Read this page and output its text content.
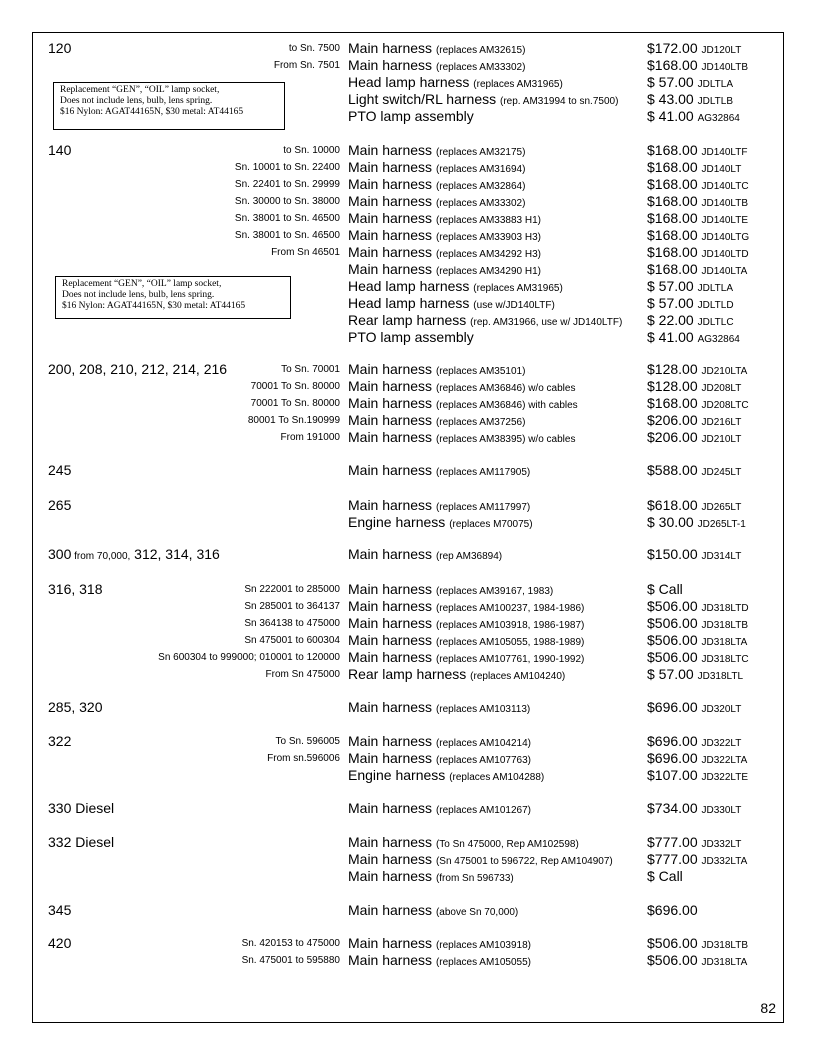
120	to Sn. 7500 Main harness (replaces AM32615)	$172.00 JD120LT
From Sn. 7501 Main harness (replaces AM33302)	$168.00 JD140LTB
Head lamp harness (replaces AM31965)	$ 57.00 JDLTLA
Light switch/RL harness (rep. AM31994 to sn.7500) $ 43.00 JDLTLB
PTO lamp assembly	$ 41.00 AG32864
140	to Sn. 10000 Main harness (replaces AM32175)	$168.00 JD140LTF
Sn. 10001 to Sn. 22400 Main harness (replaces AM31694)	$168.00 JD140LT
Sn. 22401 to Sn. 29999 Main harness (replaces AM32864)	$168.00 JD140LTC
Sn. 30000 to Sn. 38000 Main harness (replaces AM33302)	$168.00 JD140LTB
Sn. 38001 to Sn. 46500 Main harness (replaces AM33883 H1)	$168.00 JD140LTE
Sn. 38001 to Sn. 46500 Main harness (replaces AM33903 H3)	$168.00 JD140LTG
From Sn 46501 Main harness (replaces AM34292 H3)	$168.00 JD140LTD
Main harness (replaces AM34290 H1)	$168.00 JD140LTA
Head lamp harness (replaces AM31965)	$ 57.00 JDLTLA
Head lamp harness (use w/JD140LTF)	$ 57.00 JDLTLD
Rear lamp harness (rep. AM31966, use w/ JD140LTF) $ 22.00 JDLTLC
PTO lamp assembly	$ 41.00 AG32864
200, 208, 210, 212, 214, 216	To Sn. 70001 Main harness (replaces AM35101)	$128.00 JD210LTA
70001 To Sn. 80000 Main harness (replaces AM36846) w/o cables	$128.00 JD208LT
70001 To Sn. 80000 Main harness (replaces AM36846) with cables	$168.00 JD208LTC
80001 To Sn.190999 Main harness (replaces AM37256)	$206.00 JD216LT
From 191000 Main harness (replaces AM38395) w/o cables	$206.00 JD210LT
245	Main harness (replaces AM117905)	$588.00 JD245LT
265	Main harness (replaces AM117997)	$618.00 JD265LT
Engine harness (replaces M70075)	$ 30.00 JD265LT-1
300 from 70,000, 312, 314, 316	Main harness (rep AM36894)	$150.00 JD314LT
316, 318	Sn 222001 to 285000 Main harness (replaces AM39167, 1983)	$ Call
Sn 285001 to 364137 Main harness (replaces AM100237, 1984-1986)	$506.00 JD318LTD
Sn 364138 to 475000 Main harness (replaces AM103918, 1986-1987)	$506.00 JD318LTB
Sn 475001 to 600304 Main harness (replaces AM105055, 1988-1989)	$506.00 JD318LTA
Sn 600304 to 999000; 010001 to 120000 Main harness (replaces AM107761, 1990-1992)	$506.00 JD318LTC
From Sn 475000 Rear lamp harness (replaces AM104240)	$ 57.00 JD318LTL
285, 320	Main harness (replaces AM103113)	$696.00 JD320LT
322	To Sn. 596005 Main harness (replaces AM104214)	$696.00 JD322LT
From sn.596006 Main harness (replaces AM107763)	$696.00 JD322LTA
Engine harness (replaces AM104288)	$107.00 JD322LTE
330 Diesel	Main harness (replaces AM101267)	$734.00 JD330LT
332 Diesel	Main harness (To Sn 475000, Rep AM102598)	$777.00 JD332LT
Main harness (Sn 475001 to 596722, Rep AM104907) $777.00 JD332LTA
Main harness (from Sn 596733)	$ Call
345	Main harness (above Sn 70,000)	$696.00
420	Sn. 420153 to 475000 Main harness (replaces AM103918)	$506.00 JD318LTB
Sn. 475001 to 595880 Main harness (replaces AM105055)	$506.00 JD318LTA
Replacement “GEN”, “OIL” lamp socket,
Does not include lens, bulb, lens spring.
$16 Nylon: AGAT44165N, $30 metal: AT44165
Replacement “GEN”, “OIL” lamp socket,
Does not include lens, bulb, lens spring.
$16 Nylon: AGAT44165N, $30 metal: AT44165
82
